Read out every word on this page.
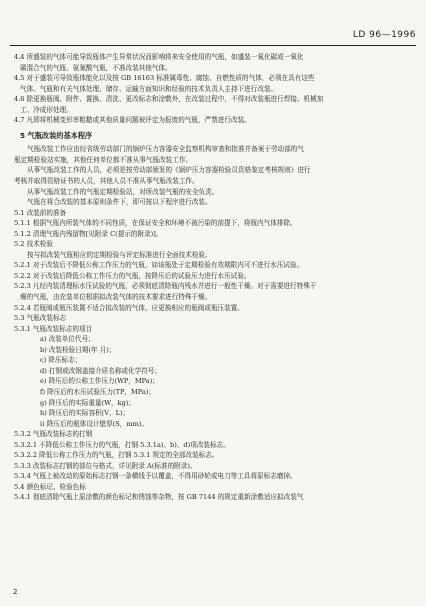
LD 96—1996

4.4 所盛装的气体可能导致瓶体产生异常状况而影响将来安全使用的气瓶，如盛装一氧化碳或一氧化

碳混合气的气瓶、氨氰酸气瓶，不准改装其他气体。

4.5 对于盛装可导致瓶体能化以及按 GB 16163 标准属毒性、腐蚀、自燃性质的气体，必须在具有这些

气体、气瓶和有关气体处理、储存、运输方面知识和经验的技术负责人主持下进行改装。

4.6 除更换瓶阀、附件、置换、清洗、更改标志和涂敷外，在改装过程中，不得对改装瓶进行焊接、机械加

工、冷成形处理。

4.7 凡即将机械变形率粗糙或其他质量问题被评定为报废的气瓶，严禁进行改装。

5 气瓶改装的基本程序

气瓶改装工作应由经省级劳动部门的锅炉压力容器安全监察机构审查和批准并备案于劳动部的气

瓶定期检验站实施，其他任何单位都不准从事气瓶改装工作。

从事气瓶改装工作的人员，必须是按劳动部颁发的《锅炉压力容器检验员资格鉴定考核规则》进行

考核并取得资格证书的人员，其他人员不准从事气瓶改装工作。

从事气瓶改装工作的气瓶定期检验站，对所改装气瓶的安全负责。

气瓶在将合改装的基本原则条件下，即可按以下程序进行改装。

5.1 改装前的准备

5.1.1 根据气瓶内所装气体的不同性质，在保证安全和环境不被污染的前提下，将瓶内气体排除。

5.1.2 清理气瓶内残留物[见附录 C(提示的附录)]。

5.2 技术检验

按与拟改装气瓶相应的定期检验与评定标准进行全面技术检验。

5.2.1 对于改装后不降低公称工作压力的气瓶，如该瓶处于定期检验有效期限内可不进行水压试验。

5.2.2 对于改装后降低公称工作压力的气瓶，按降压后的试验压力进行水压试验。

5.2.3 凡经内装清理标水压试验的气瓶，必须彻底清除瓶内残水并进行一般性干燥。对于需要进行特殊干

燥的气瓶，由充装单位根据拟改装气体的技术要求进行特殊干燥。

5.2.4 若瓶阀或瓶压装置不适合拟改装的气体，应更换相应的瓶阀或瓶压装置。

5.3 气瓶改装标志

5.3.1 气瓶改装标志的项目

a) 改装单位代号；

b) 改装检验日期(年 月)；

c) 降压标志；

d) 打钢或改钢盖接介质名称或化学符号；

e) 降压后的公称工作压力(WP，MPa)；

f) 降压后的水压试验压力(TP，MPa)；

g) 降压后的实际重量(W，kg)；

h) 降压后的实际容积(V，L)；

i) 降压后的瓶体设计壁厚(S，mm)。

5.3.2 气瓶改装标志的打钢

5.3.2.1 不降低公称工作压力的气瓶，打钢 5.3.1a)、b)、d)项改装标志。

5.3.2.2 降低公称工作压力的气瓶，打钢 5.3.1 规定的全部改装标志。

5.3.3 改装标志打钢的部位与格式，详见附录 A(标准的附录)。

5.3.4 气瓶上被改动的原始标志打钢一条横线予以覆盖，不得用砂轮或电刀等工具将原标志磨掉。

5.4 颜色标记、检验色标

5.4.1 彻底清除气瓶上原涂敷的颜色标记和锈蚀等杂物，按 GB 7144 的规定重新涂敷适应拟改装气

2
